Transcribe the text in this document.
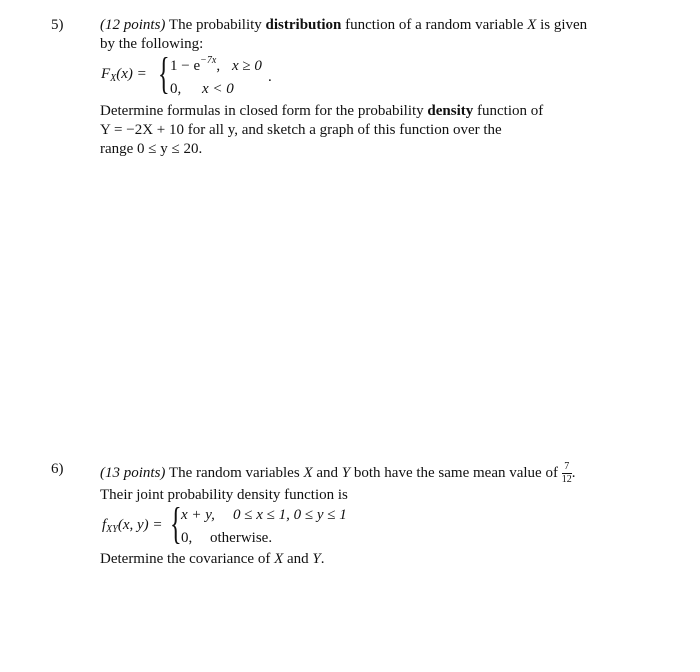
5) (12 points) The probability distribution function of a random variable X is given
by the following:
$F_X(x)$ = { $1 - e^{-7x}$, x ≥ 0
0, x < 0
.
Determine formulas in closed form for the probability density function of
Y = −2X + 10 for all y, and sketch a graph of this function over the
range 0 ≤ y ≤ 20.
6) (13 points) The random variables X and Y both have the same mean value of $\frac{7}{12}$ .
Their joint probability density function is
$f_{XY}(x$, y) = { x + y, 0 ≤ x ≤ 1, 0 ≤ y ≤ 1
0, otherwise.
Determine the covariance of X and Y.
